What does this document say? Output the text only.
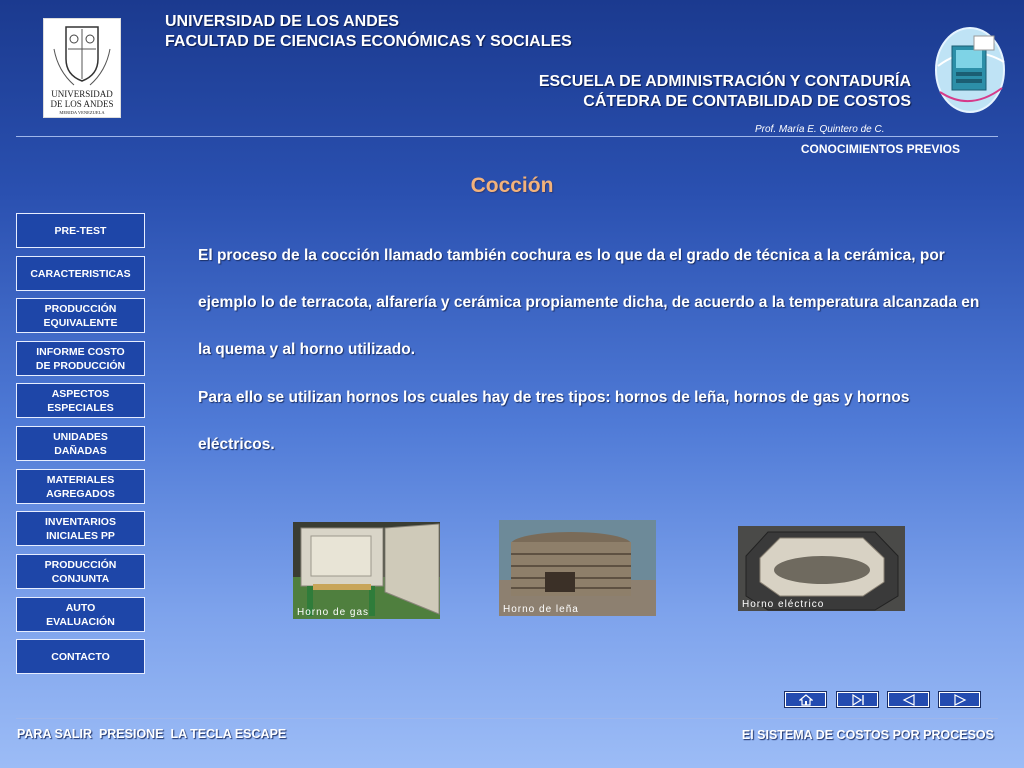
UNIVERSIDAD
DE LOS ANDES
MERIDA VENEZUELA
UNIVERSIDAD DE LOS ANDES
FACULTAD DE CIENCIAS ECONÓMICAS Y SOCIALES
ESCUELA DE ADMINISTRACIÓN Y CONTADURÍA
CÁTEDRA DE CONTABILIDAD DE COSTOS
Prof. María E. Quintero de C.
CONOCIMIENTOS PREVIOS
Cocción
PRE-TEST
CARACTERISTICAS
PRODUCCIÓN
EQUIVALENTE
INFORME COSTO
DE PRODUCCIÓN
ASPECTOS
ESPECIALES
UNIDADES
DAÑADAS
MATERIALES
AGREGADOS
INVENTARIOS
INICIALES PP
PRODUCCIÓN
CONJUNTA
AUTO
EVALUACIÓN
CONTACTO
El proceso de la cocción llamado también cochura es lo que da el grado de técnica a la cerámica, por ejemplo lo de terracota, alfarería y cerámica propiamente dicha, de acuerdo a la temperatura alcanzada en la quema y al horno utilizado.
Para ello se utilizan hornos los cuales hay de tres tipos: hornos de leña, hornos de gas y hornos eléctricos.
Horno de gas	Horno de leña	Horno eléctrico
PARA SALIR  PRESIONE  LA TECLA ESCAPE	El SISTEMA DE COSTOS POR PROCESOS
